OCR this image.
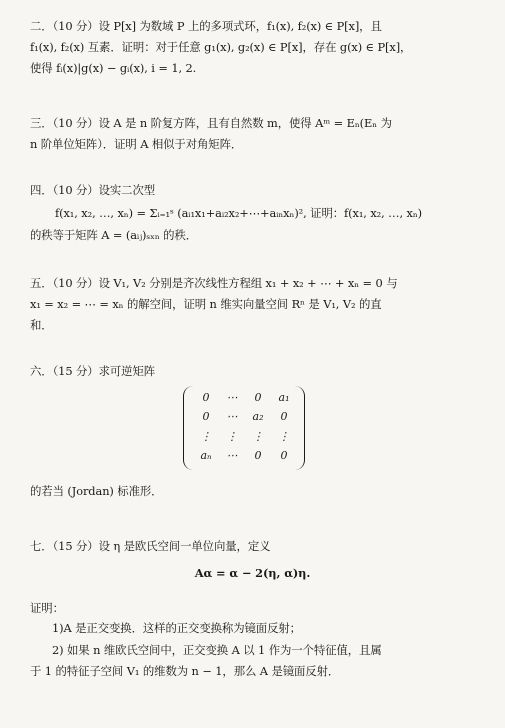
二．（10 分）设 P[x] 为数域 P 上的多项式环，f₁(x), f₂(x) ∈ P[x]，且
f₁(x), f₂(x) 互素．证明：对于任意 g₁(x), g₂(x) ∈ P[x]，存在 g(x) ∈ P[x]，
使得 fᵢ(x)|g(x) − gᵢ(x), i = 1, 2.
三．（10 分）设 A 是 n 阶复方阵，且有自然数 m，使得 Aᵐ = Eₙ(Eₙ 为
n 阶单位矩阵）．证明 A 相似于对角矩阵．
四．（10 分）设实二次型
f(x₁, x₂, …, xₙ) = Σᵢ₌₁ˢ (aᵢ₁x₁+aᵢ₂x₂+⋯+aᵢₙxₙ)², 证明：f(x₁, x₂, …, xₙ)
的秩等于矩阵 A = (aᵢⱼ)ₛₓₙ 的秩．
五．（10 分）设 V₁, V₂ 分别是齐次线性方程组 x₁ + x₂ + ⋯ + xₙ = 0 与
x₁ = x₂ = ⋯ = xₙ 的解空间，证明 n 维实向量空间 Rⁿ 是 V₁, V₂ 的直
和．
六．（15 分）求可逆矩阵
0	⋯	0	a₁
0	⋯	a₂	0
⋮	⋮	⋮	⋮
aₙ	⋯	0	0
的若当 (Jordan) 标准形．
七．（15 分）设 η 是欧氏空间一单位向量，定义
Aα = α − 2(η, α)η.
证明：
1)A 是正交变换．这样的正交变换称为镜面反射；
2) 如果 n 维欧氏空间中，正交变换 A 以 1 作为一个特征值，且属
于 1 的特征子空间 V₁ 的维数为 n − 1，那么 A 是镜面反射．
